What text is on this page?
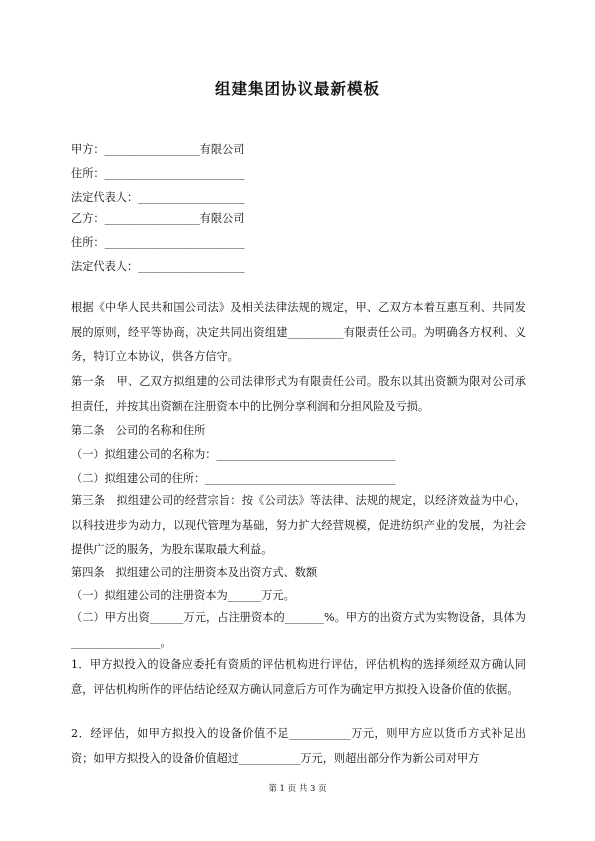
组建集团协议最新模板
甲方：_________________有限公司
住所：_________________________
法定代表人：___________________
乙方：_________________有限公司
住所：_________________________
法定代表人：___________________
根据《中华人民共和国公司法》及相关法律法规的规定，甲、乙双方本着互惠互利、共同发展的原则，经平等协商，决定共同出资组建__________有限责任公司。为明确各方权利、义务，特订立本协议，供各方信守。
第一条　甲、乙双方拟组建的公司法律形式为有限责任公司。股东以其出资额为限对公司承担责任，并按其出资额在注册资本中的比例分享利润和分担风险及亏损。
第二条　公司的名称和住所
（一）拟组建公司的名称为：________________________________
（二）拟组建公司的住所：__________________________________
第三条　拟组建公司的经营宗旨：按《公司法》等法律、法规的规定，以经济效益为中心，以科技进步为动力，以现代管理为基础，努力扩大经营规模，促进纺织产业的发展，为社会提供广泛的服务，为股东谋取最大利益。
第四条　拟组建公司的注册资本及出资方式、数额
（一）拟组建公司的注册资本为______万元。
（二）甲方出资______万元，占注册资本的_______%。甲方的出资方式为实物设备，具体为________________。
1．甲方拟投入的设备应委托有资质的评估机构进行评估，评估机构的选择须经双方确认同意，评估机构所作的评估结论经双方确认同意后方可作为确定甲方拟投入设备价值的依据。
2．经评估，如甲方拟投入的设备价值不足___________万元，则甲方应以货币方式补足出资；如甲方拟投入的设备价值超过___________万元，则超出部分作为新公司对甲方
第 1 页 共 3 页
